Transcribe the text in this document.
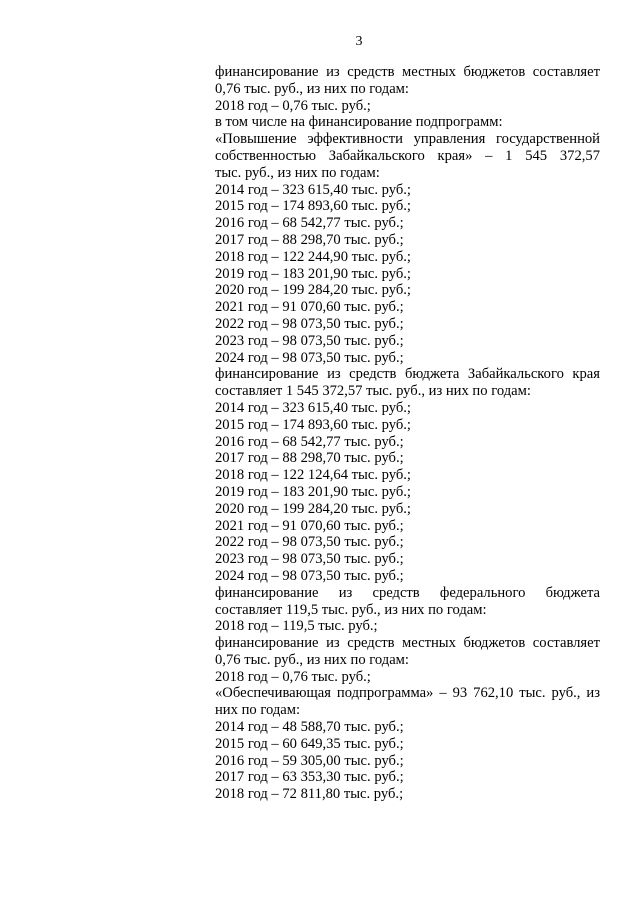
3
финансирование из средств местных бюджетов составляет
0,76 тыс. руб., из них по годам:
2018 год – 0,76 тыс. руб.;
в том числе на финансирование подпрограмм:
«Повышение эффективности управления государственной
собственностью Забайкальского края» – 1 545 372,57
тыс. руб., из них по годам:
2014 год – 323 615,40 тыс. руб.;
2015 год – 174 893,60 тыс. руб.;
2016 год – 68 542,77 тыс. руб.;
2017 год – 88 298,70 тыс. руб.;
2018 год – 122 244,90 тыс. руб.;
2019 год – 183 201,90 тыс. руб.;
2020 год – 199 284,20 тыс. руб.;
2021 год – 91 070,60 тыс. руб.;
2022 год – 98 073,50 тыс. руб.;
2023 год – 98 073,50 тыс. руб.;
2024 год – 98 073,50 тыс. руб.;
финансирование из средств бюджета Забайкальского края
составляет 1 545 372,57 тыс. руб., из них по годам:
2014 год – 323 615,40 тыс. руб.;
2015 год – 174 893,60 тыс. руб.;
2016 год – 68 542,77 тыс. руб.;
2017 год – 88 298,70 тыс. руб.;
2018 год – 122 124,64 тыс. руб.;
2019 год – 183 201,90 тыс. руб.;
2020 год – 199 284,20 тыс. руб.;
2021 год – 91 070,60 тыс. руб.;
2022 год – 98 073,50 тыс. руб.;
2023 год – 98 073,50 тыс. руб.;
2024 год – 98 073,50 тыс. руб.;
финансирование из средств федерального бюджета
составляет 119,5 тыс. руб., из них по годам:
2018 год – 119,5 тыс. руб.;
финансирование из средств местных бюджетов составляет
0,76 тыс. руб., из них по годам:
2018 год – 0,76 тыс. руб.;
«Обеспечивающая подпрограмма» – 93 762,10 тыс. руб., из
них по годам:
2014 год – 48 588,70 тыс. руб.;
2015 год – 60 649,35 тыс. руб.;
2016 год – 59 305,00 тыс. руб.;
2017 год – 63 353,30 тыс. руб.;
2018 год – 72 811,80 тыс. руб.;
